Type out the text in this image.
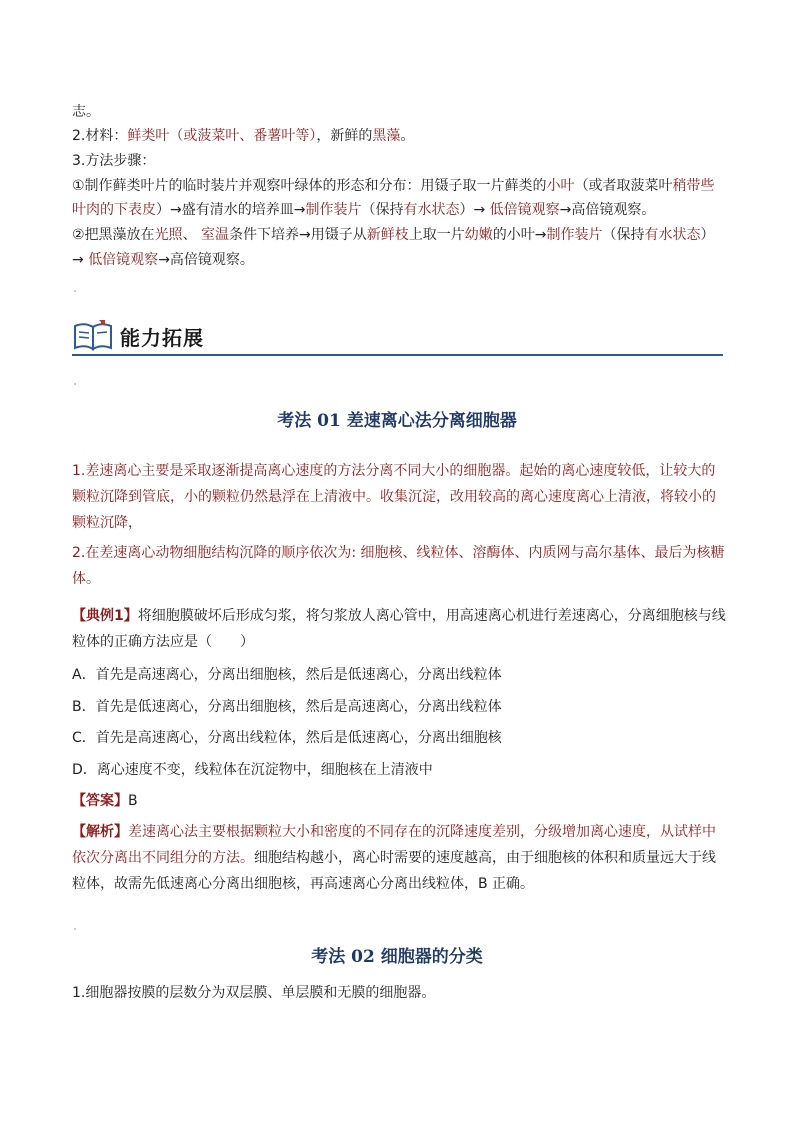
志。
2.材料：鲜类叶（或菠菜叶、番薯叶等），新鲜的黑藻。
3.方法步骤：
①制作藓类叶片的临时装片并观察叶绿体的形态和分布：用镊子取一片藓类的小叶（或者取菠菜叶稍带些
叶肉的下表皮）→盛有清水的培养皿→制作装片（保持有水状态）→ 低倍镜观察→高倍镜观察。
②把黑藻放在光照、 室温条件下培养→用镊子从新鲜枝上取一片幼嫩的小叶→制作装片（保持有水状态）
→ 低倍镜观察→高倍镜观察。
能力拓展
考法 01 差速离心法分离细胞器
1.差速离心主要是采取逐渐提高离心速度的方法分离不同大小的细胞器。起始的离心速度较低，让较大的颗粒沉降到管底，小的颗粒仍然悬浮在上清液中。收集沉淀，改用较高的离心速度离心上清液，将较小的颗粒沉降，
2.在差速离心动物细胞结构沉降的顺序依次为: 细胞核、线粒体、溶酶体、内质网与高尔基体、最后为核糖体。
【典例1】将细胞膜破坏后形成匀浆，将匀浆放人离心管中，用高速离心机进行差速离心，分离细胞核与线粒体的正确方法应是（　　）
A．首先是高速离心，分离出细胞核，然后是低速离心，分离出线粒体
B．首先是低速离心，分离出细胞核，然后是高速离心，分离出线粒体
C．首先是高速离心，分离出线粒体，然后是低速离心，分离出细胞核
D．离心速度不变，线粒体在沉淀物中，细胞核在上清液中
【答案】B
【解析】差速离心法主要根据颗粒大小和密度的不同存在的沉降速度差别，分级增加离心速度，从试样中依次分离出不同组分的方法。细胞结构越小，离心时需要的速度越高，由于细胞核的体积和质量远大于线粒体，故需先低速离心分离出细胞核，再高速离心分离出线粒体，B 正确。
考法 02 细胞器的分类
1.细胞器按膜的层数分为双层膜、单层膜和无膜的细胞器。
